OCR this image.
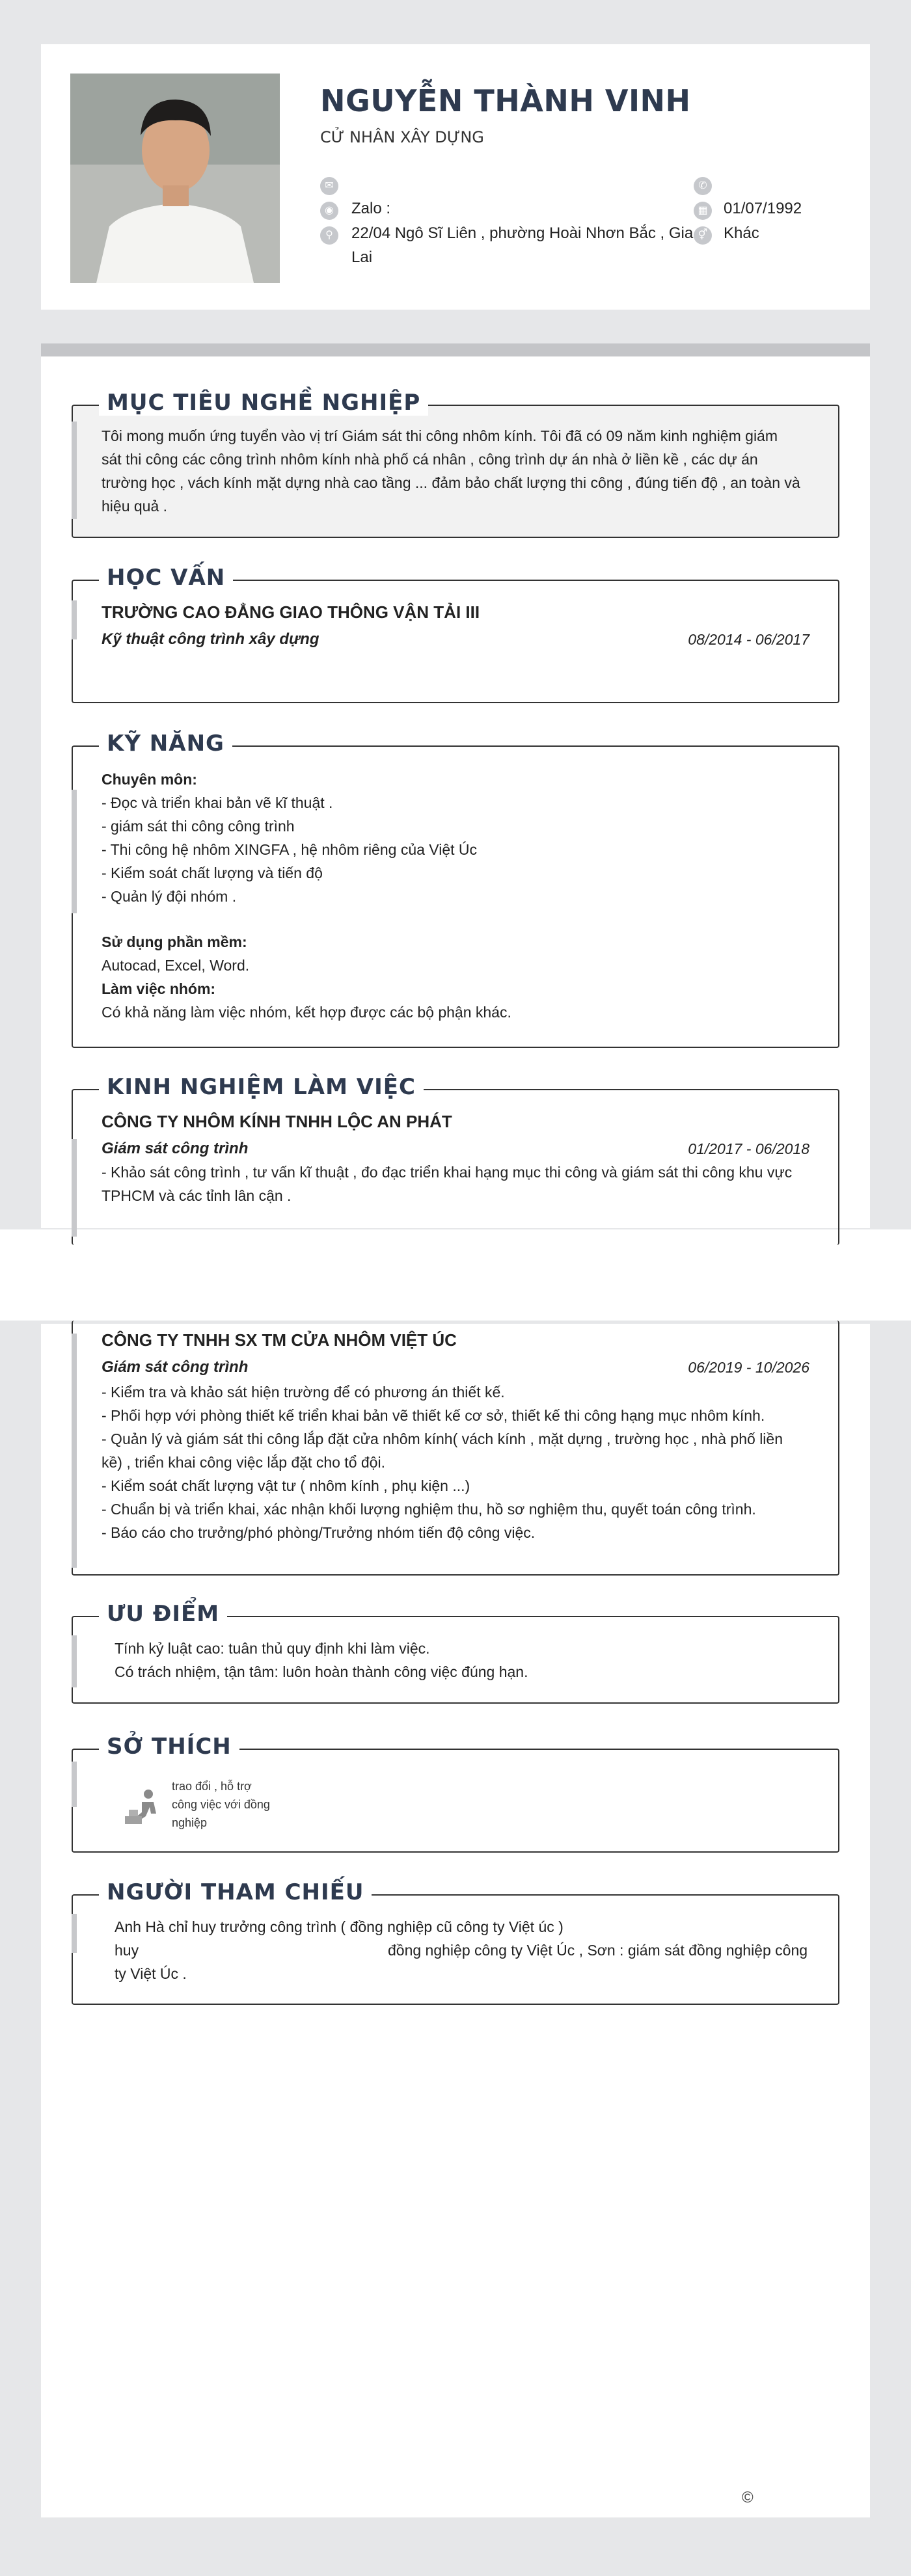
NGUYỄN THÀNH VINH
CỬ NHÂN XÂY DỰNG
✉	✆
◉ Zalo :	▦ 01/07/1992
⚲	22/04 Ngô Sĩ Liên , phường Hoài Nhơn Bắc , Gia
Lai
⚥ Khác
MỤC TIÊU NGHỀ NGHIỆP
Tôi mong muốn ứng tuyển vào vị trí Giám sát thi công nhôm kính. Tôi đã có 09 năm kinh nghiệm giám
sát thi công các công trình nhôm kính nhà phố cá nhân , công trình dự án nhà ở liền kề , các dự án
trường học , vách kính mặt dựng nhà cao tầng ... đảm bảo chất lượng thi công , đúng tiến độ , an toàn và
hiệu quả .
HỌC VẤN
TRƯỜNG CAO ĐẲNG GIAO THÔNG VẬN TẢI III
Kỹ thuật công trình xây dựng	08/2014 - 06/2017
KỸ NĂNG
Chuyên môn:
- Đọc và triển khai bản vẽ kĩ thuật .
- giám sát thi công công trình
- Thi công hệ nhôm XINGFA , hệ nhôm riêng của Việt Úc
- Kiểm soát chất lượng và tiến độ
- Quản lý đội nhóm .
Sử dụng phần mềm:
Autocad, Excel, Word.
Làm việc nhóm:
Có khả năng làm việc nhóm, kết hợp được các bộ phận khác.
KINH NGHIỆM LÀM VIỆC
CÔNG TY NHÔM KÍNH TNHH LỘC AN PHÁT
Giám sát công trình	01/2017 - 06/2018
- Khảo sát công trình , tư vấn kĩ thuật , đo đạc triển khai hạng mục thi công và giám sát thi công khu vực
TPHCM và các tỉnh lân cận .
CÔNG TY TNHH SX TM CỬA NHÔM VIỆT ÚC
Giám sát công trình	06/2019 - 10/2026
- Kiểm tra và khảo sát hiện trường để có phương án thiết kế.
- Phối hợp với phòng thiết kế triển khai bản vẽ thiết kế cơ sở, thiết kế thi công hạng mục nhôm kính.
- Quản lý và giám sát thi công lắp đặt cửa nhôm kính( vách kính , mặt dựng , trường học , nhà phố liền
kề) , triển khai công việc lắp đặt cho tổ đội.
- Kiểm soát chất lượng vật tư ( nhôm kính , phụ kiện ...)
- Chuẩn bị và triển khai, xác nhận khối lượng nghiệm thu, hồ sơ nghiệm thu, quyết toán công trình.
- Báo cáo cho trưởng/phó phòng/Trưởng nhóm tiến độ công việc.
ƯU ĐIỂM
Tính kỷ luật cao: tuân thủ quy định khi làm việc.
Có trách nhiệm, tận tâm: luôn hoàn thành công việc đúng hạn.
SỞ THÍCH
trao đổi , hỗ trợ
công việc với đồng
nghiệp
NGƯỜI THAM CHIẾU
Anh Hà chỉ huy trưởng công trình ( đồng nghiệp cũ công ty Việt úc )
huy	đồng nghiệp công ty Việt Úc , Sơn : giám sát đồng nghiệp công
ty Việt Úc .
©
